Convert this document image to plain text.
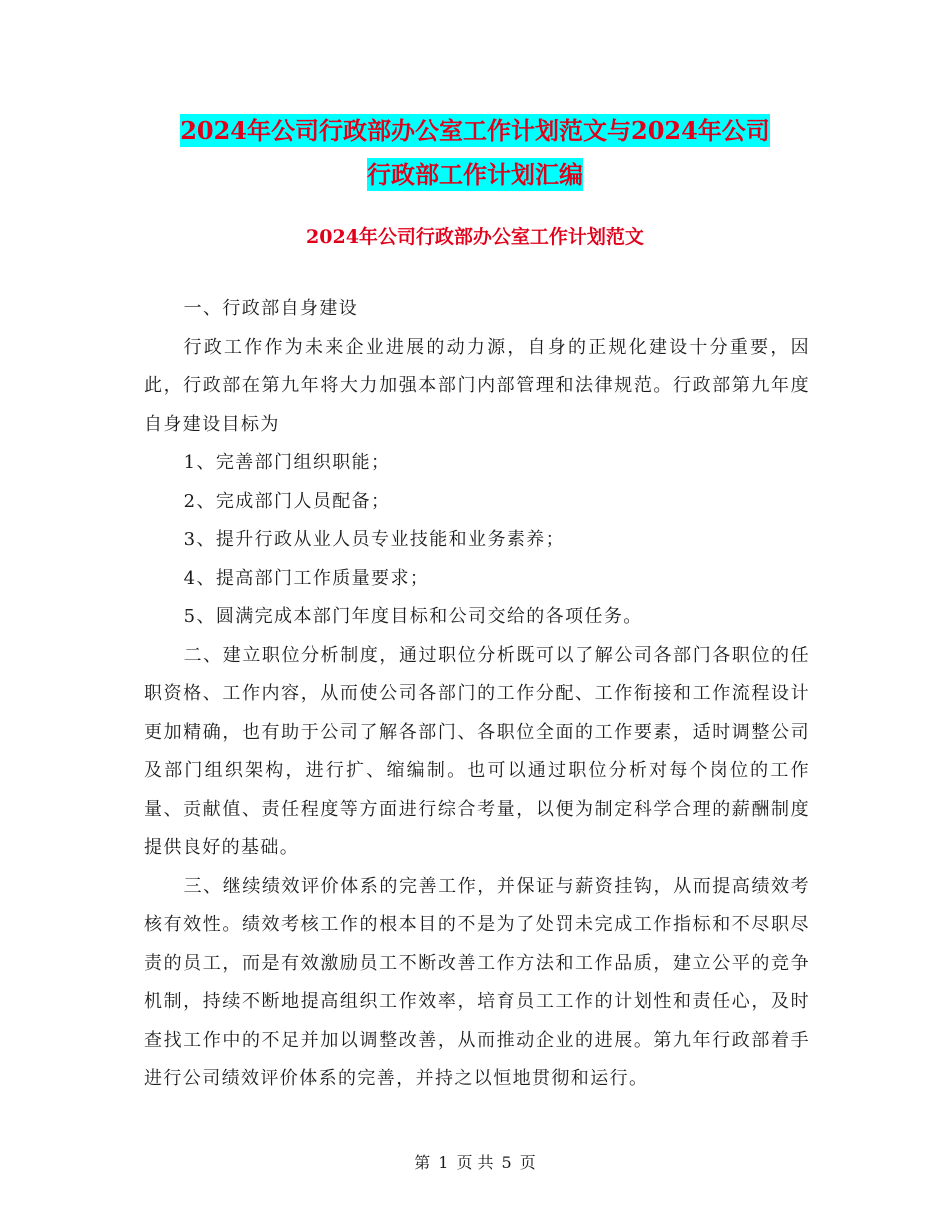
2024年公司行政部办公室工作计划范文与2024年公司
行政部工作计划汇编
2024年公司行政部办公室工作计划范文

一、行政部自身建设

行政工作作为未来企业进展的动力源，自身的正规化建设十分重要，因此，行政部在第九年将大力加强本部门内部管理和法律规范。行政部第九年度自身建设目标为

1、完善部门组织职能；

2、完成部门人员配备；

3、提升行政从业人员专业技能和业务素养；

4、提高部门工作质量要求；

5、圆满完成本部门年度目标和公司交给的各项任务。

二、建立职位分析制度，通过职位分析既可以了解公司各部门各职位的任职资格、工作内容，从而使公司各部门的工作分配、工作衔接和工作流程设计更加精确，也有助于公司了解各部门、各职位全面的工作要素，适时调整公司及部门组织架构，进行扩、缩编制。也可以通过职位分析对每个岗位的工作量、贡献值、责任程度等方面进行综合考量，以便为制定科学合理的薪酬制度提供良好的基础。

三、继续绩效评价体系的完善工作，并保证与薪资挂钩，从而提高绩效考核有效性。绩效考核工作的根本目的不是为了处罚未完成工作指标和不尽职尽责的员工，而是有效激励员工不断改善工作方法和工作品质，建立公平的竞争机制，持续不断地提高组织工作效率，培育员工工作的计划性和责任心，及时查找工作中的不足并加以调整改善，从而推动企业的进展。第九年行政部着手进行公司绩效评价体系的完善，并持之以恒地贯彻和运行。

第 1 页 共 5 页
